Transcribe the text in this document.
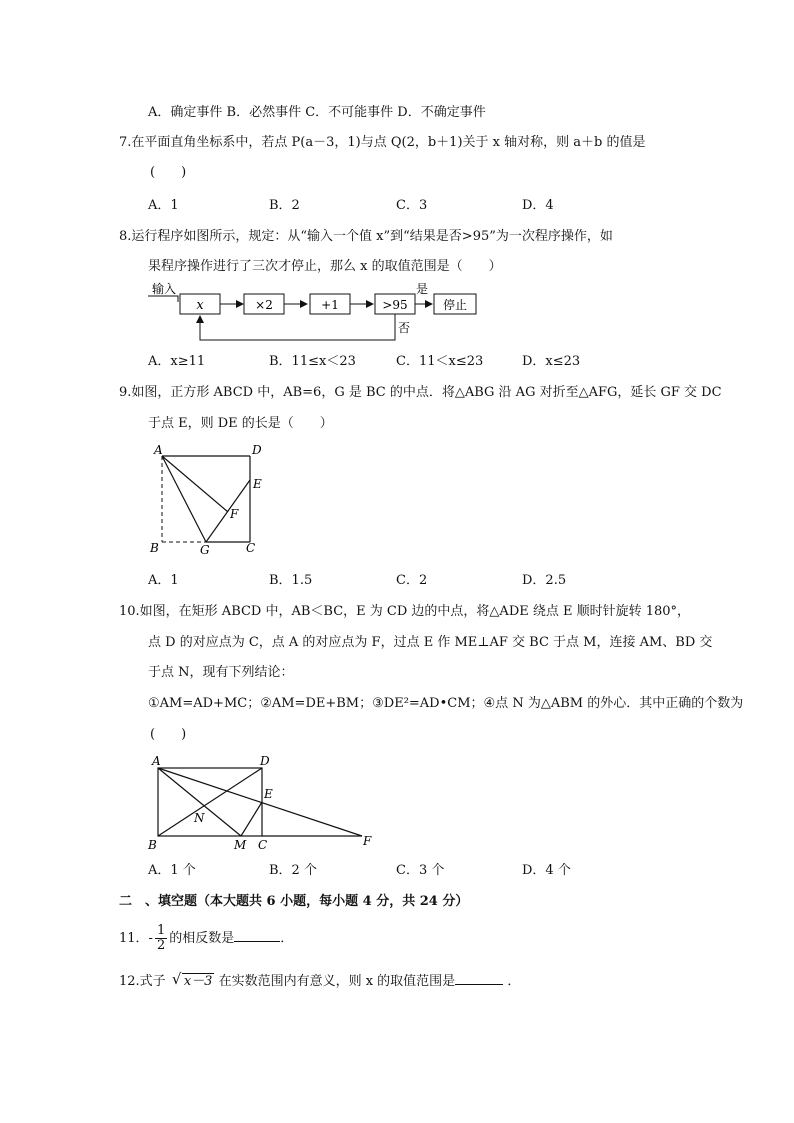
A．确定事件 B．必然事件 C．不可能事件 D．不确定事件
7.在平面直角坐标系中，若点 P(a－3，1)与点 Q(2，b＋1)关于 x 轴对称，则 a＋b 的值是
(　　)
A．1	B．2	C．3	D．4
8.运行程序如图所示，规定：从“输入一个值 x”到“结果是否>95”为一次程序操作，如
果程序操作进行了三次才停止，那么 x 的取值范围是（　　）
输入
x	×2	+1	>95
是
停止
否
A．x≥11	B．11≤x＜23	C．11＜x≤23	D．x≤23
9.如图，正方形 ABCD 中，AB=6，G 是 BC 的中点．将△ABG 沿 AG 对折至△AFG，延长 GF 交 DC
于点 E，则 DE 的长是（　　）
A	D
E
F
B	G	C
A．1	B．1.5	C．2	D．2.5
10.如图，在矩形 ABCD 中，AB＜BC，E 为 CD 边的中点，将△ADE 绕点 E 顺时针旋转 180°，
点 D 的对应点为 C，点 A 的对应点为 F，过点 E 作 ME⊥AF 交 BC 于点 M，连接 AM、BD 交
于点 N，现有下列结论：
①AM=AD+MC；②AM=DE+BM；③DE²=AD•CM；④点 N 为△ABM 的外心．其中正确的个数为
(　　)
A	D
E
N
B	M C	F
A．1 个	B．2 个	C．3 个	D．4 个
二　、填空题（本大题共 6 小题，每小题 4 分，共 24 分）
11．- $\frac{1}{2}$ 的相反数是	．
12.式子 √ x－3 在实数范围内有意义，则 x 的取值范围是	．
